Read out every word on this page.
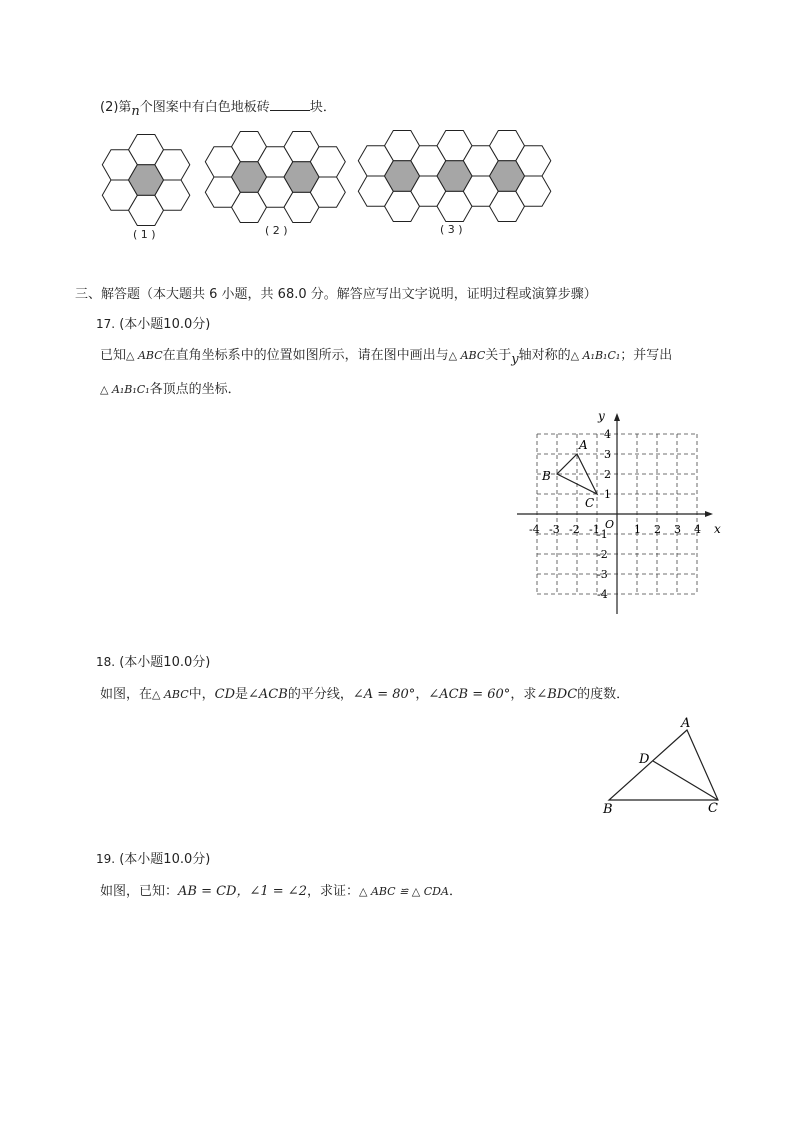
(2)第n个图案中有白色地板砖	块．
( 1 )	( 2 )	( 3 )
三、解答题（本大题共 6 小题，共 68.0 分。解答应写出文字说明，证明过程或演算步骤）
17. (本小题10.0分)
已知△ ABC在直角坐标系中的位置如图所示，请在图中画出与△ ABC关于y轴对称的△ A₁B₁C₁；并写出
△ A₁B₁C₁各顶点的坐标．
x
y
O
-4 -3 -2 -1	1 2 3 4
4
3
2
1
-1
-2
-3
-4
A
B
C
18. (本小题10.0分)
如图，在△ ABC中，CD是∠ACB的平分线，∠A = 80°，∠ACB = 60°，求∠BDC的度数．
A
B	C
D
19. (本小题10.0分)
如图，已知：AB = CD，∠1 = ∠2，求证：△ ABC ≌ △ CDA．
